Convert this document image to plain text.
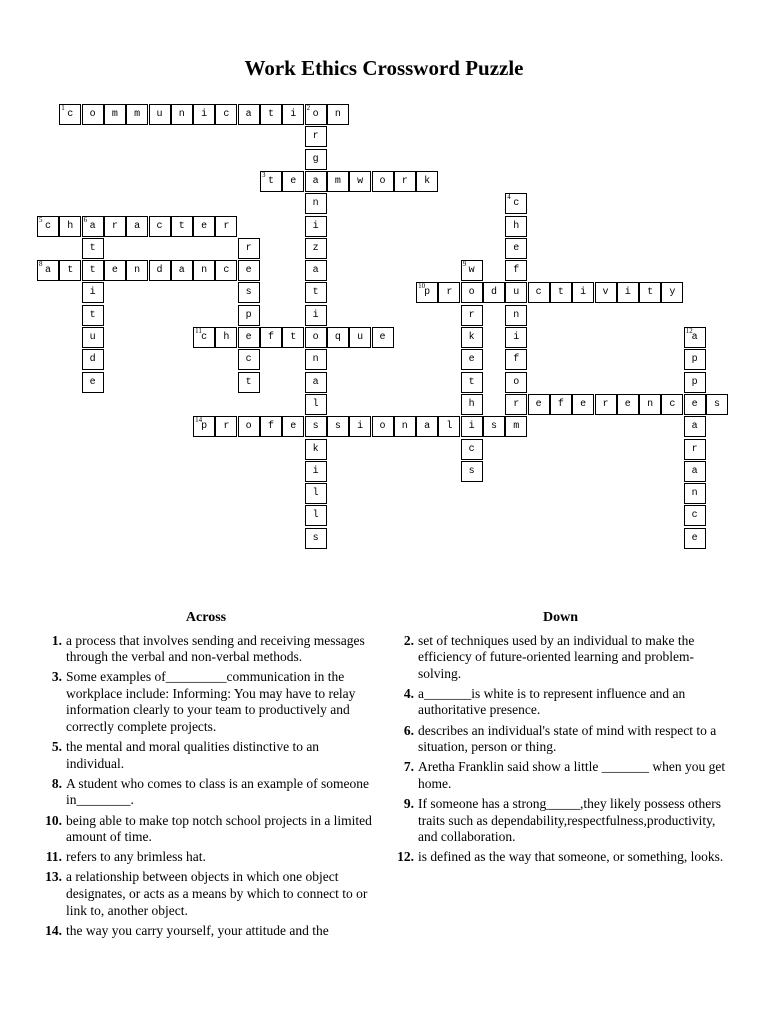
Work Ethics Crossword Puzzle
c
1
o	m	m	u	n	i	c	a	t	i	o
2
n
r
g
a
n
i
z
a
t
i
o
n
a
l
s
k
i
l
l
s
t
3
e	m	w	o	r	k
c
4
h
e
f
u
n
i
f
o
r
m
c
5
h	a
6
r	a	c	t	e	r
t
t
i
t
u
d
e
r
e
s
p
e
c
t
a
8
t	e	n	d	a	n	c	w
9
o
r
k
e
t
h
i
c
s
p
10
r	d	c	t	i	v	i	t	y
c
11
h	f	t	q	u	e	a
12
p
p
e
a
r
a
n
c
e
e	f	e	r	e	n	c	s
p
14
r	o	f	e	s	i	o	n	a	l	s
Across
1. a process that involves sending and receiving messages through the verbal and non-verbal methods.
3. Some examples of_________communication in the workplace include: Informing: You may have to relay information clearly to your team to productively and correctly complete projects.
5. the mental and moral qualities distinctive to an individual.
8. A student who comes to class is an example of someone in________.
10. being able to make top notch school projects in a limited amount of time.
11. refers to any brimless hat.
13. a relationship between objects in which one object designates, or acts as a means by which to connect to or link to, another object.
14. the way you carry yourself, your attitude and the
Down
2. set of techniques used by an individual to make the efficiency of future-oriented learning and problem-solving.
4. a_______is white is to represent influence and an authoritative presence.
6. describes an individual's state of mind with respect to a situation, person or thing.
7. Aretha Franklin said show a little _______ when you get home.
9. If someone has a strong_____,they likely possess others traits such as dependability,respectfulness,productivity, and collaboration.
12. is defined as the way that someone, or something, looks.
